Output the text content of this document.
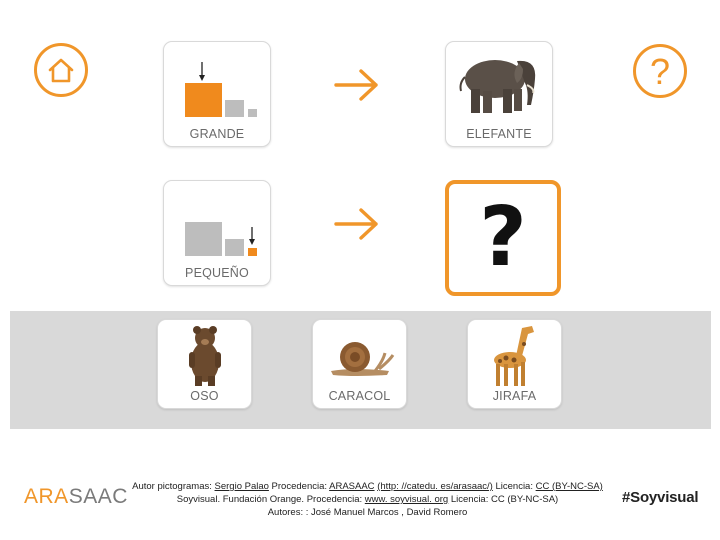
?
GRANDE	ELEFANTE
PEQUEÑO	?
OSO	CARACOL	JIRAFA
ARASAAC Autor pictogramas: Sergio Palao Procedencia: ARASAAC (http: //catedu. es/arasaac/) Licencia: CC (BY-NC-SA)
Soyvisual. Fundación Orange. Procedencia: www. soyvisual. org Licencia: CC (BY-NC-SA)
Autores: : José Manuel Marcos , David Romero
#Soyvisual
